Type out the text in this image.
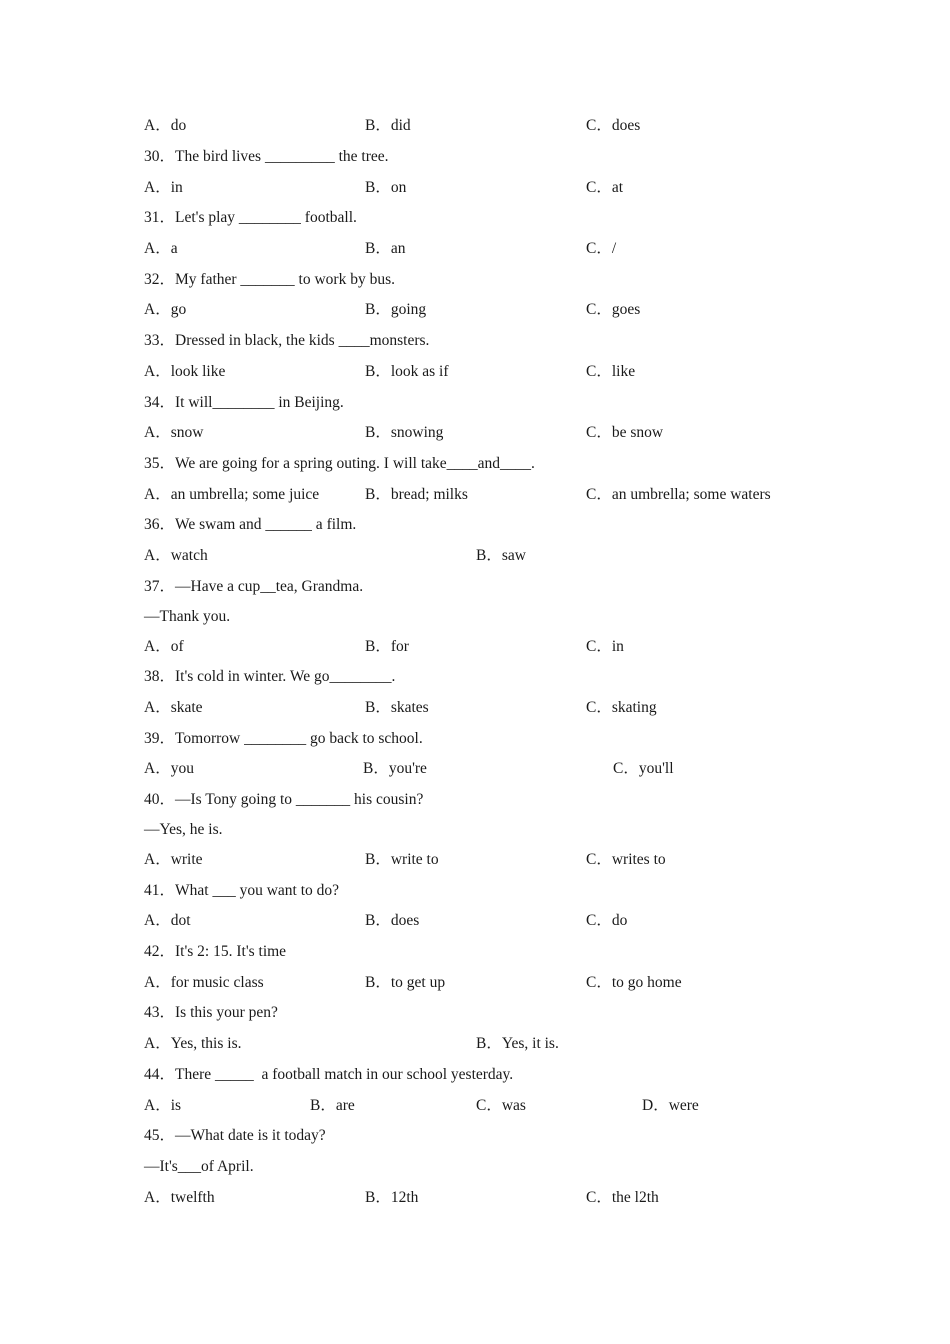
A．do	B．did	C．does
30．The bird lives _________ the tree.
A．in	B．on	C．at
31．Let's play ________ football.
A．a	B．an	C．/
32．My father _______ to work by bus.
A．go	B．going	C．goes
33．Dressed in black, the kids ____monsters.
A．look like	B．look as if	C．like
34．It will________ in Beijing.
A．snow	B．snowing	C．be snow
35．We are going for a spring outing. I will take____and____.
A．an umbrella; some juice	B．bread; milks	C．an umbrella; some waters
36．We swam and ______ a film.
A．watch	B．saw
37．—Have a cup__tea, Grandma.
—Thank you.
A．of	B．for	C．in
38．It's cold in winter. We go________.
A．skate	B．skates	C．skating
39．Tomorrow ________ go back to school.
A．you	B．you're	C．you'll
40．—Is Tony going to _______ his cousin?
—Yes, he is.
A．write	B．write to	C．writes to
41．What ___ you want to do?
A．dot	B．does	C．do
42．It's 2: 15. It's time
A．for music class	B．to get up	C．to go home
43．Is this your pen?
A．Yes, this is.	B．Yes, it is.
44．There _____  a football match in our school yesterday.
A．is	B．are	C．was	D．were
45．—What date is it today?
—It's___of April.
A．twelfth	B．12th	C．the l2th
